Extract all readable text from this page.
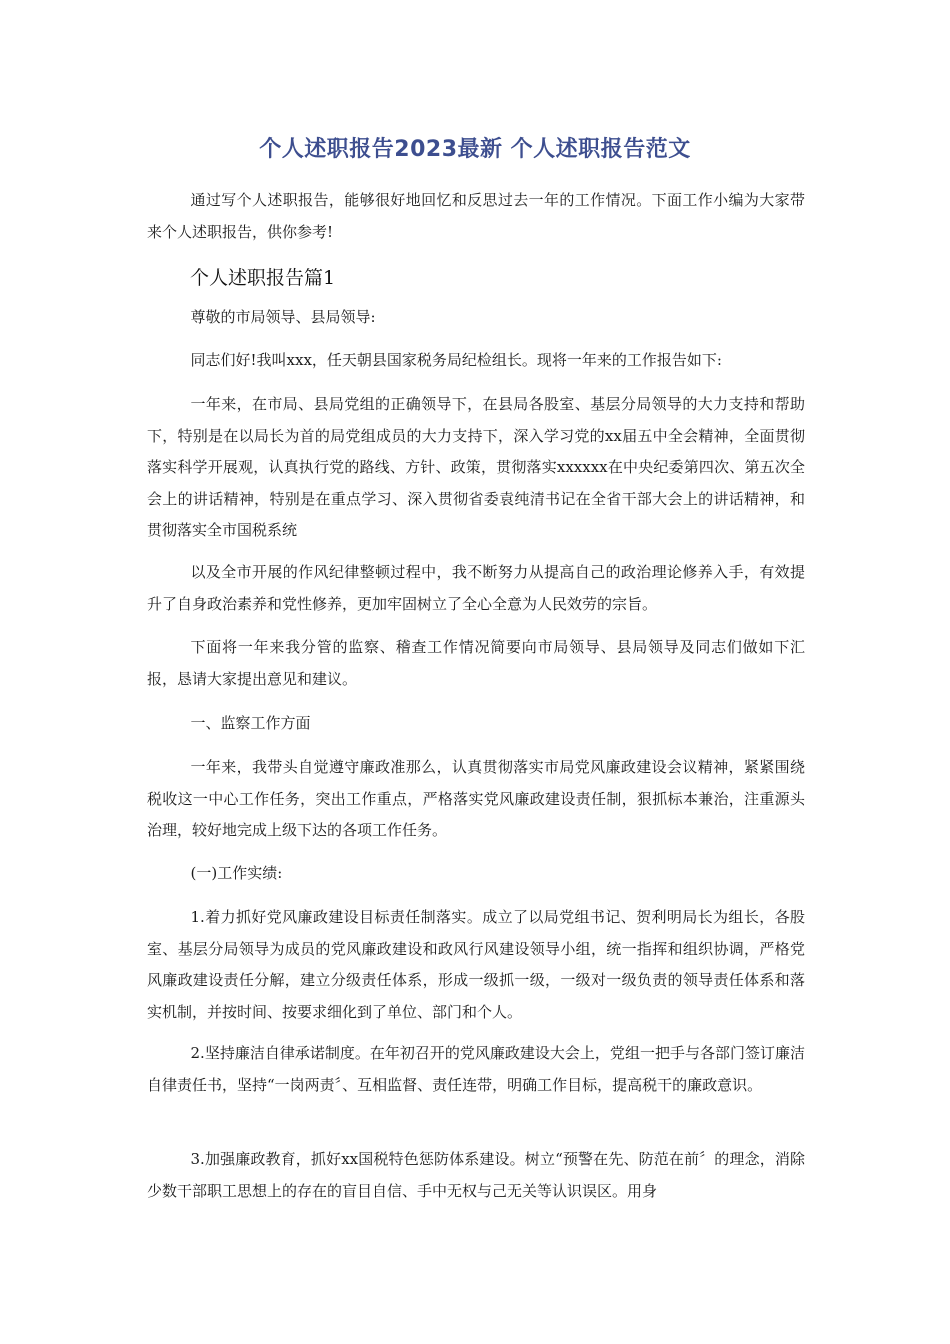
个人述职报告2023最新 个人述职报告范文

通过写个人述职报告，能够很好地回忆和反思过去一年的工作情况。下面工作小编为大家带来个人述职报告，供你参考!

个人述职报告篇1

尊敬的市局领导、县局领导:

同志们好!我叫xxx，任天朝县国家税务局纪检组长。现将一年来的工作报告如下:

一年来，在市局、县局党组的正确领导下，在县局各股室、基层分局领导的大力支持和帮助下，特别是在以局长为首的局党组成员的大力支持下，深入学习党的xx届五中全会精神，全面贯彻落实科学开展观，认真执行党的路线、方针、政策，贯彻落实xxxxxx在中央纪委第四次、第五次全会上的讲话精神，特别是在重点学习、深入贯彻省委袁纯清书记在全省干部大会上的讲话精神，和贯彻落实全市国税系统

以及全市开展的作风纪律整顿过程中，我不断努力从提高自己的政治理论修养入手，有效提升了自身政治素养和党性修养，更加牢固树立了全心全意为人民效劳的宗旨。

下面将一年来我分管的监察、稽查工作情况简要向市局领导、县局领导及同志们做如下汇报，恳请大家提出意见和建议。

一、监察工作方面

一年来，我带头自觉遵守廉政准那么，认真贯彻落实市局党风廉政建设会议精神，紧紧围绕税收这一中心工作任务，突出工作重点，严格落实党风廉政建设责任制，狠抓标本兼治，注重源头治理，较好地完成上级下达的各项工作任务。

(一)工作实绩:

1.着力抓好党风廉政建设目标责任制落实。成立了以局党组书记、贺利明局长为组长，各股室、基层分局领导为成员的党风廉政建设和政风行风建设领导小组，统一指挥和组织协调，严格党风廉政建设责任分解，建立分级责任体系，形成一级抓一级，一级对一级负责的领导责任体系和落实机制，并按时间、按要求细化到了单位、部门和个人。

2.坚持廉洁自律承诺制度。在年初召开的党风廉政建设大会上，党组一把手与各部门签订廉洁自律责任书，坚持“一岗两责〞、互相监督、责任连带，明确工作目标，提高税干的廉政意识。

3.加强廉政教育，抓好xx国税特色惩防体系建设。树立“预警在先、防范在前〞的理念，消除少数干部职工思想上的存在的盲目自信、手中无权与己无关等认识误区。用身
